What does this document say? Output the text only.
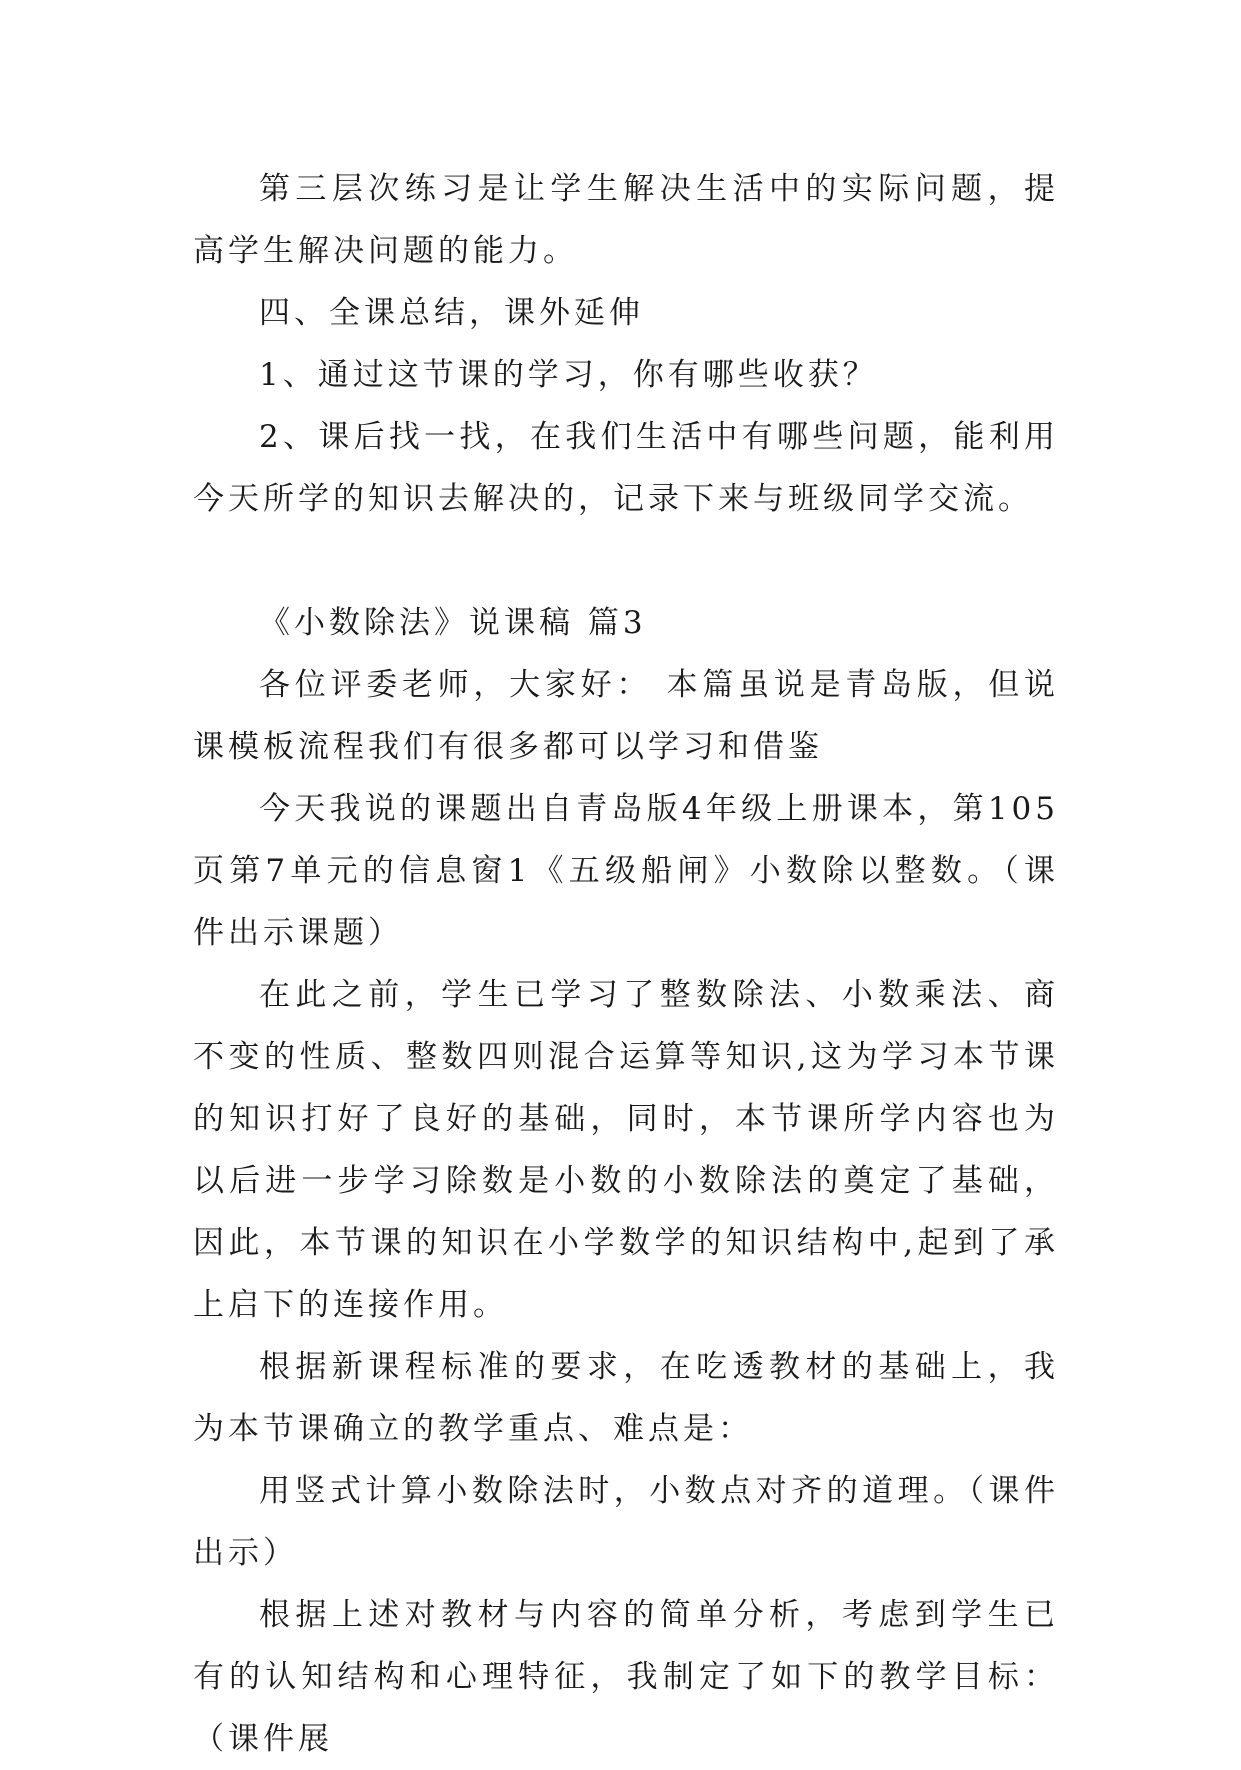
第三层次练习是让学生解决生活中的实际问题，提高学生解决问题的能力。

四、全课总结，课外延伸

1、通过这节课的学习，你有哪些收获？

2、课后找一找，在我们生活中有哪些问题，能利用今天所学的知识去解决的，记录下来与班级同学交流。

《小数除法》说课稿 篇3

各位评委老师，大家好： 本篇虽说是青岛版，但说课模板流程我们有很多都可以学习和借鉴

今天我说的课题出自青岛版4年级上册课本，第105页第7单元的信息窗1《五级船闸》小数除以整数。（课件出示课题）

在此之前，学生已学习了整数除法、小数乘法、商不变的性质、整数四则混合运算等知识,这为学习本节课的知识打好了良好的基础，同时，本节课所学内容也为以后进一步学习除数是小数的小数除法的奠定了基础，因此，本节课的知识在小学数学的知识结构中,起到了承上启下的连接作用。

根据新课程标准的要求，在吃透教材的基础上，我为本节课确立的教学重点、难点是：

用竖式计算小数除法时，小数点对齐的道理。（课件出示）

根据上述对教材与内容的简单分析，考虑到学生已有的认知结构和心理特征，我制定了如下的教学目标：（课件展
